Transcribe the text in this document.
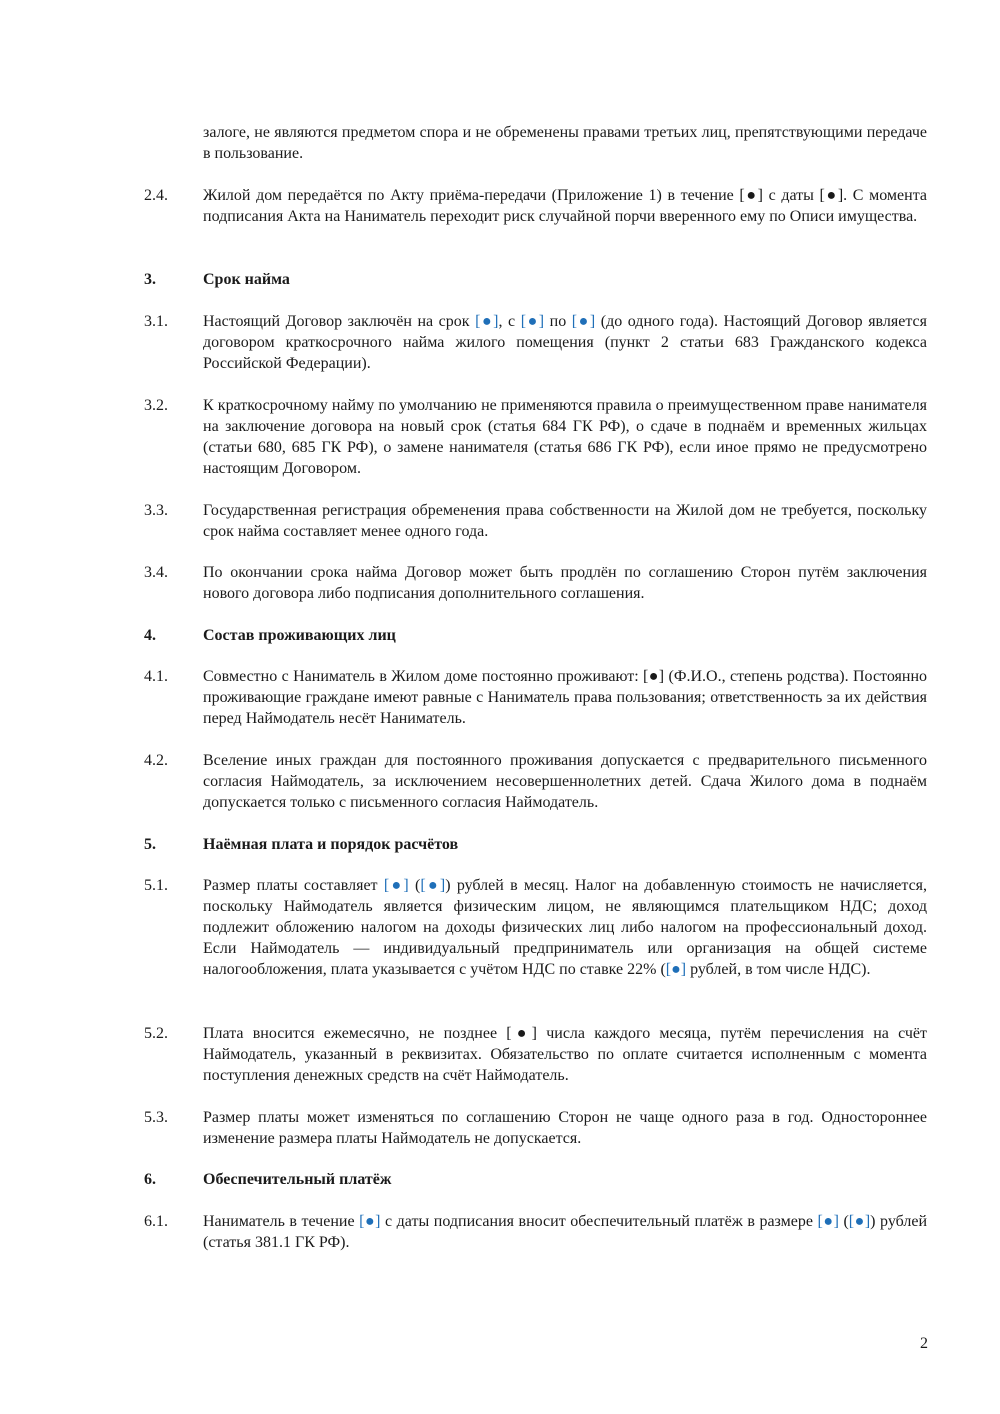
залоге, не являются предметом спора и не обременены правами третьих лиц, препятствующими передаче в пользование.
2.4.	Жилой дом передаётся по Акту приёма-передачи (Приложение 1) в течение [●] с даты [●]. С момента подписания Акта на Наниматель переходит риск случайной порчи вверенного ему по Описи имущества.
3.	Срок найма
3.1.	Настоящий Договор заключён на срок [●], с [●] по [●] (до одного года). Настоящий Договор является договором краткосрочного найма жилого помещения (пункт 2 статьи 683 Гражданского кодекса Российской Федерации).
3.2.	К краткосрочному найму по умолчанию не применяются правила о преимущественном праве нанимателя на заключение договора на новый срок (статья 684 ГК РФ), о сдаче в поднаём и временных жильцах (статьи 680, 685 ГК РФ), о замене нанимателя (статья 686 ГК РФ), если иное прямо не предусмотрено настоящим Договором.
3.3.	Государственная регистрация обременения права собственности на Жилой дом не требуется, поскольку срок найма составляет менее одного года.
3.4.	По окончании срока найма Договор может быть продлён по соглашению Сторон путём заключения нового договора либо подписания дополнительного соглашения.
4.	Состав проживающих лиц
4.1.	Совместно с Наниматель в Жилом доме постоянно проживают: [●] (Ф.И.О., степень родства). Постоянно проживающие граждане имеют равные с Наниматель права пользования; ответственность за их действия перед Наймодатель несёт Наниматель.
4.2.	Вселение иных граждан для постоянного проживания допускается с предварительного письменного согласия Наймодатель, за исключением несовершеннолетних детей. Сдача Жилого дома в поднаём допускается только с письменного согласия Наймодатель.
5.	Наёмная плата и порядок расчётов
5.1.	Размер платы составляет [●] ([●]) рублей в месяц. Налог на добавленную стоимость не начисляется, поскольку Наймодатель является физическим лицом, не являющимся плательщиком НДС; доход подлежит обложению налогом на доходы физических лиц либо налогом на профессиональный доход. Если Наймодатель — индивидуальный предприниматель или организация на общей системе налогообложения, плата указывается с учётом НДС по ставке 22% ([●] рублей, в том числе НДС).
5.2.	Плата вносится ежемесячно, не позднее [●] числа каждого месяца, путём перечисления на счёт Наймодатель, указанный в реквизитах. Обязательство по оплате считается исполненным с момента поступления денежных средств на счёт Наймодатель.
5.3.	Размер платы может изменяться по соглашению Сторон не чаще одного раза в год. Одностороннее изменение размера платы Наймодатель не допускается.
6.	Обеспечительный платёж
6.1.	Наниматель в течение [●] с даты подписания вносит обеспечительный платёж в размере [●] ([●]) рублей (статья 381.1 ГК РФ).
2
